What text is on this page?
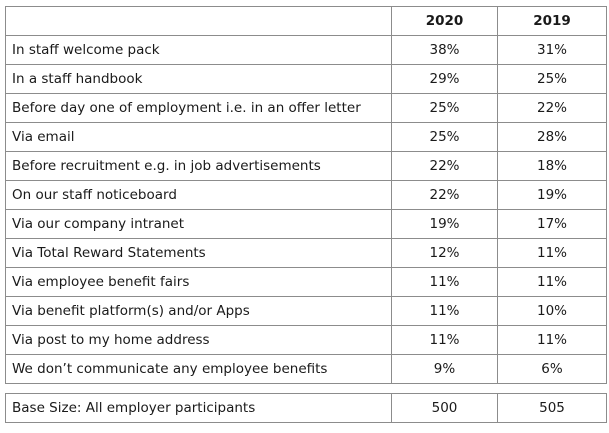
	2020	2019
In staff welcome pack	38%	31%
In a staff handbook	29%	25%
Before day one of employment i.e. in an offer letter	25%	22%
Via email	25%	28%
Before recruitment e.g. in job advertisements	22%	18%
On our staff noticeboard	22%	19%
Via our company intranet	19%	17%
Via Total Reward Statements	12%	11%
Via employee benefit fairs	11%	11%
Via benefit platform(s) and/or Apps	11%	10%
Via post to my home address	11%	11%
We don’t communicate any employee benefits	9%	6%
Base Size: All employer participants	500	505
